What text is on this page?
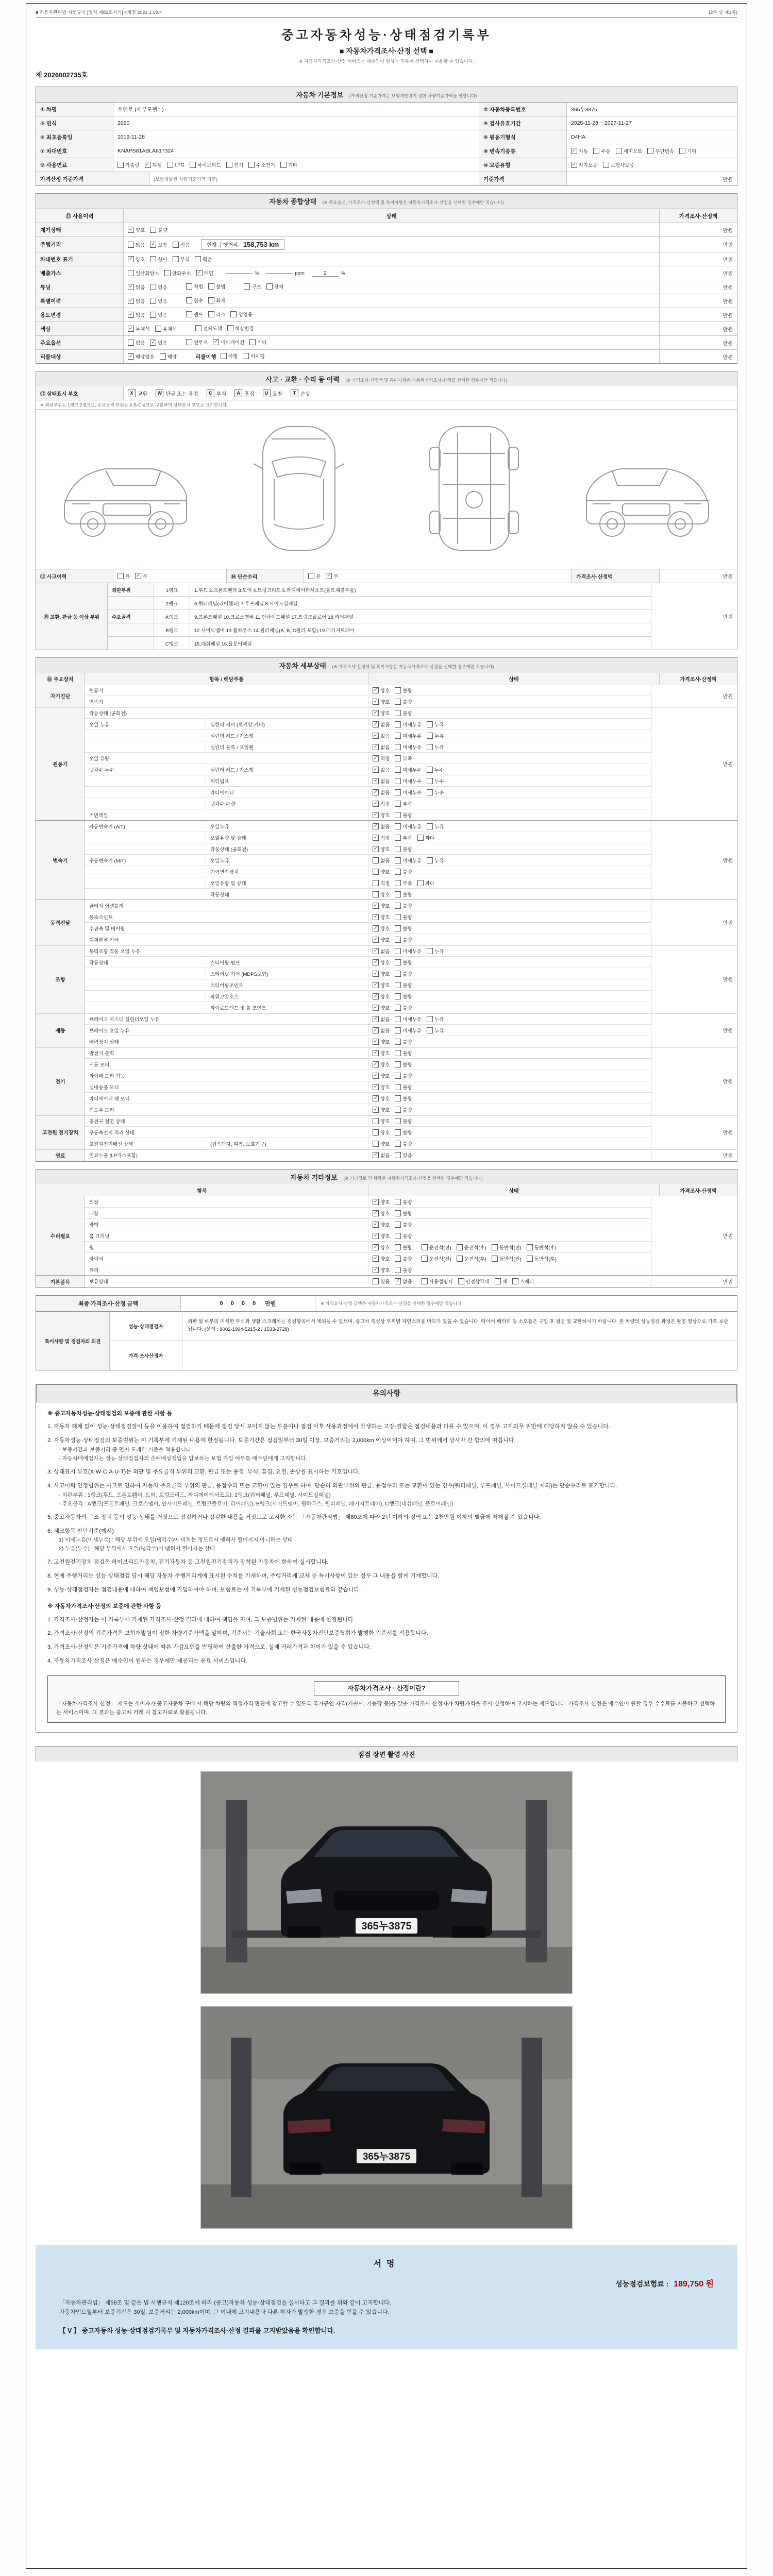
■ 자동차관리법 시행규칙 [별지 제82호서식] <개정 2021.1.19.>	(2쪽 중 제1쪽)
중고자동차성능·상태점검기록부
■ 자동차가격조사·산정 선택 ■
※ 자동차가격조사·산정 서비스는 매수인이 원하는 경우에 선택하여 이용할 수 있습니다.
제 2026002735호
자동차 기본정보 (가격산정 기준가격은 보험개발원이 정한 차량기준가액을 말합니다)
① 차명	쏘렌토 (세부모델 : )	② 자동차등록번호	365누3875
③ 연식	2020	④ 검사유효기간	2025-11-28 ~ 2027-11-27
⑤ 최초등록일	2019-11-28	⑥ 원동기형식	D4HA
⑦ 차대번호	KNAPS81ABLA617324	⑧ 변속기종류	✓ 자동	수동	세미오토	무단변속	기타
⑨ 사용연료	가솔린 ✓ 디젤	LPG	하이브리드	전기	수소전기	기타	⑩ 보증유형	✓ 자가보증	보험사보증
가격산정 기준가격	(보험개발원 차량기준가액 기준)	기준가격	만원
자동차 종합상태 (※ 주요옵션, 가격조사·산정액 및 특이사항은 자동차가격조사·산정을 선택한 경우에만 적습니다)
⑪ 사용이력	상태	가격조사·산정액
계기상태	✓ 양호	불량	만원
주행거리	많음 ✓ 보통	적음	현재 주행거리 158,753 km	만원
차대번호 표기	✓ 양호	상이	부식	훼손	만원
배출가스	일산화탄소	탄화수소 ✓ 매연	%	ppm	2	%	만원
튜닝	✓ 없음	있음	적법	불법	구조	장치	만원
특별이력	✓ 없음	있음	침수	화재	만원
용도변경	✓ 없음	있음	렌트	리스	영업용	만원
색상	✓ 무채색	유채색	전체도색	색상변경	만원
주요옵션	없음 ✓ 있음	썬루프 ✓ 네비게이션	기타	만원
리콜대상	✓ 해당없음	해당	리콜이행 이행	미이행	만원
사고 · 교환 · 수리 등 이력 (※ 가격조사·산정액 및 특이사항은 자동차가격조사·산정을 선택한 경우에만 적습니다)
⑫ 상태표시 부호	X 교환	W 판금 또는 용접	C 부식	A 흠집	U 요철	T 손상
※ 외판부위는 1랭크·2랭크로, 주요골격 부위는 A·B·C랭크로 구분하여 상태표시 부호로 표기합니다.
⑬ 사고이력	유 ✓ 무	⑭ 단순수리	유 ✓ 무	가격조사·산정액	만원
⑮ 교환, 판금 등 이상 부위
외판부위	1랭크	1.후드 2.프론트휀더 3.도어 4.트렁크리드 5.라디에이터서포트(볼트체결부품)
2랭크	6.쿼터패널(리어휀더) 7.루프패널 8.사이드실패널
주요골격	A랭크	9.프론트패널 10.크로스멤버 11.인사이드패널 17.트렁크플로어 18.리어패널
B랭크	12.사이드멤버 13.휠하우스 14.필러패널(A, B, C필러 포함) 19.패키지트레이
C랭크	15.대쉬패널 16.플로어패널
만원
자동차 세부상태 (※ 가격조사·산정액 및 특이사항은 자동차가격조사·산정을 선택한 경우에만 적습니다)
⑯ 주요장치	항목 / 해당부품	상태	가격조사·산정액
자기진단
원동기	✓ 양호	불량
변속기	✓ 양호	불량
만원
원동기
작동상태 (공회전)	✓ 양호	불량
오일 누유	실린더 커버 (로커암 커버)	✓ 없음	미세누유	누유
실린더 헤드 / 가스켓	✓ 없음	미세누유	누유
실린더 블록 / 오일팬	✓ 없음	미세누유	누유
오일 유량	✓ 적정	부족
냉각수 누수	실린더 헤드 / 가스켓	✓ 없음	미세누수	누수
워터펌프	✓ 없음	미세누수	누수
라디에이터	✓ 없음	미세누수	누수
냉각수 수량	✓ 적정	부족
커먼레일	✓ 양호	불량
만원
변속기
자동변속기 (A/T)	오일누유	✓ 없음	미세누유	누유
오일유량 및 상태	✓ 적정	부족	과다
작동상태 (공회전)	✓ 양호	불량
수동변속기 (M/T)	오일누유	없음	미세누유	누유
기어변속장치	양호	불량
오일유량 및 상태	적정	부족	과다
작동상태	양호	불량
만원
동력전달
클러치 어셈블리	✓ 양호	불량
등속조인트	✓ 양호	불량
추진축 및 베어링	✓ 양호	불량
디퍼렌셜 기어	✓ 양호	불량
만원
조향
동력조향 작동 오일 누유	✓ 없음	미세누유	누유
작동상태	스티어링 펌프	✓ 양호	불량
스티어링 기어 (MDPS포함)	✓ 양호	불량
스티어링조인트	✓ 양호	불량
파워고압호스	✓ 양호	불량
타이로드엔드 및 볼 조인트	✓ 양호	불량
만원
제동
브레이크 마스터 실린더오일 누유	✓ 없음	미세누유	누유
브레이크 오일 누유	✓ 없음	미세누유	누유
배력장치 상태	✓ 양호	불량
만원
전기
발전기 출력	✓ 양호	불량
시동 모터	✓ 양호	불량
와이퍼 모터 기능	✓ 양호	불량
실내송풍 모터	✓ 양호	불량
라디에이터 팬 모터	✓ 양호	불량
윈도우 모터	✓ 양호	불량
만원
고전원 전기장치
충전구 절연 상태	양호	불량
구동축전지 격리 상태	양호	불량
고전원전기배선 상태	(접속단자, 피복, 보호기구)	양호	불량
만원
연료	연료누출 (LP가스포함)	✓ 없음	있음	만원
자동차 기타정보 (※ 기타정보 각 항목은 자동차가격조사·산정을 선택한 경우에만 적습니다)
항목	상태	가격조사·산정액
수리필요
외장	✓ 양호	불량
내장	✓ 양호	불량
광택	✓ 양호	불량
룸 크리닝	✓ 양호	불량
휠	✓ 양호	불량	운전석(전)	운전석(후)	동반석(전)	동반석(후)
타이어	✓ 양호	불량	운전석(전)	운전석(후)	동반석(전)	동반석(후)
유리	✓ 양호	불량
만원
기본품목	보유상태	있음 ✓ 없음	사용설명서	안전삼각대	잭	스패너	만원
최종 가격조사·산정 금액	0 0 0 0 만원	※ 가격조사·산정 금액은 자동차가격조사·산정을 선택한 경우에만 적습니다.
특이사항 및 점검자의 의견
성능·상태점검자
외판 및 하부의 미세한 부식과 생활 스크래치는 점검항목에서 제외될 수 있으며, 중고차 특성상 부위별 자연스러운 마모가 있을 수 있습니다. 타이어·배터리 등 소모품은 구입 후 점검 및 교환하시기 바랍니다. 본 차량의 성능점검 과정은 촬영 영상으로 기록·보관됩니다. (문의 : 9002-1994-5215-2 / 1533-2728)
가격·조사산정자
유의사항
※ 중고자동차성능·상태점검의 보증에 관한 사항 등
1. 자동차 해체 없이 성능·상태점검장비 등을 이용하여 점검하기 때문에 점검 당시 보이지 않는 부분이나 점검 이후 사용과정에서 발생하는 고장·결함은 점검내용과 다를 수 있으며, 이 경우 고지의무 위반에 해당하지 않을 수 있습니다.
2. 자동차성능·상태점검의 보증범위는 이 기록부에 기재된 내용에 한정됩니다. 보증기간은 점검일부터 30일 이상, 보증거리는 2,000km 이상이어야 하며, 그 범위에서 당사자 간 합의에 따릅니다.
- 보증기간과 보증거리 중 먼저 도래한 기준을 적용합니다.
- 자동차매매업자는 성능·상태점검자의 손해배상책임을 담보하는 보험 가입 여부를 매수인에게 고지합니다.
3. 상태표시 부호(X·W·C·A·U·T)는 외판 및 주요골격 부위의 교환, 판금 또는 용접, 부식, 흠집, 요철, 손상을 표시하는 기호입니다.
4. 사고이력 인정범위는 사고로 인하여 자동차 주요골격 부위의 판금, 용접수리 또는 교환이 있는 경우로 하며, 단순히 외판부위의 판금, 용접수리 또는 교환이 있는 경우(쿼터패널, 루프패널, 사이드실패널 제외)는 단순수리로 표기합니다.
- 외판부위 : 1랭크(후드, 프론트휀더, 도어, 트렁크리드, 라디에이터서포트), 2랭크(쿼터패널, 루프패널, 사이드실패널)
- 주요골격 : A랭크(프론트패널, 크로스멤버, 인사이드패널, 트렁크플로어, 리어패널), B랭크(사이드멤버, 휠하우스, 필러패널, 패키지트레이), C랭크(대쉬패널, 플로어패널)
5. 중고자동차의 구조·장치 등의 성능·상태를 거짓으로 점검하거나 점검한 내용을 거짓으로 고지한 자는 「자동차관리법」 제80조에 따라 2년 이하의 징역 또는 2천만원 이하의 벌금에 처해질 수 있습니다.
6. 체크항목 판단기준(예시)
1) 미세누유(미세누수) : 해당 부위에 오일(냉각수)이 비치는 정도로서 맺혀서 떨어지지 아니하는 상태
2) 누유(누수) : 해당 부위에서 오일(냉각수)이 맺혀서 떨어지는 상태
7. 고전원전기장치 점검은 하이브리드자동차, 전기자동차 등 고전원전기장치가 장착된 자동차에 한하여 실시합니다.
8. 현재 주행거리는 성능·상태점검 당시 해당 자동차 주행거리계에 표시된 수치를 기재하며, 주행거리계 교체 등 특이사항이 있는 경우 그 내용을 함께 기재합니다.
9. 성능·상태점검자는 점검내용에 대하여 책임보험에 가입하여야 하며, 보험료는 이 기록부에 기재된 성능점검보험료와 같습니다.
※ 자동차가격조사·산정의 보증에 관한 사항 등
1. 가격조사·산정자는 이 기록부에 기재된 가격조사·산정 결과에 대하여 책임을 지며, 그 보증범위는 기재된 내용에 한정됩니다.
2. 가격조사·산정의 기준가격은 보험개발원이 정한 차량기준가액을 말하며, 기준서는 기술사회 또는 한국자동차진단보증협회가 발행한 기준서를 적용합니다.
3. 가격조사·산정액은 기준가격에 차량 상태에 따른 가감요인을 반영하여 산출한 가격으로, 실제 거래가격과 차이가 있을 수 있습니다.
4. 자동차가격조사·산정은 매수인이 원하는 경우에만 제공되는 유료 서비스입니다.
자동차가격조사 · 산정이란?
「자동차가격조사·산정」 제도는 소비자가 중고자동차 구매 시 해당 차량의 적정가격 판단에 참고할 수 있도록 국가공인 자격(기술사, 기능장 등)을 갖춘 가격조사·산정자가 차량가격을 조사·산정하여 고지하는 제도입니다. 가격조사·산정은 매수인이 원할 경우 수수료를 지불하고 선택하는 서비스이며, 그 결과는 중고차 거래 시 참고자료로 활용됩니다.
점검 장면 촬영 사진
365누3875
365누3875
서명
성능점검보험료 : 189,750 원
「자동차관리법」 제58조 및 같은 법 시행규칙 제120조에 따라 (중고)자동차 성능·상태점검을 실시하고 그 결과를 위와 같이 고지합니다.
자동차인도일부터 보증기간은 30일, 보증거리는 2,000km이며, 그 이내에 고지내용과 다른 하자가 발생한 경우 보증을 받을 수 있습니다.
【 V 】 중고자동차 성능·상태점검기록부 및 자동차가격조사·산정 결과를 고지받았음을 확인합니다.
